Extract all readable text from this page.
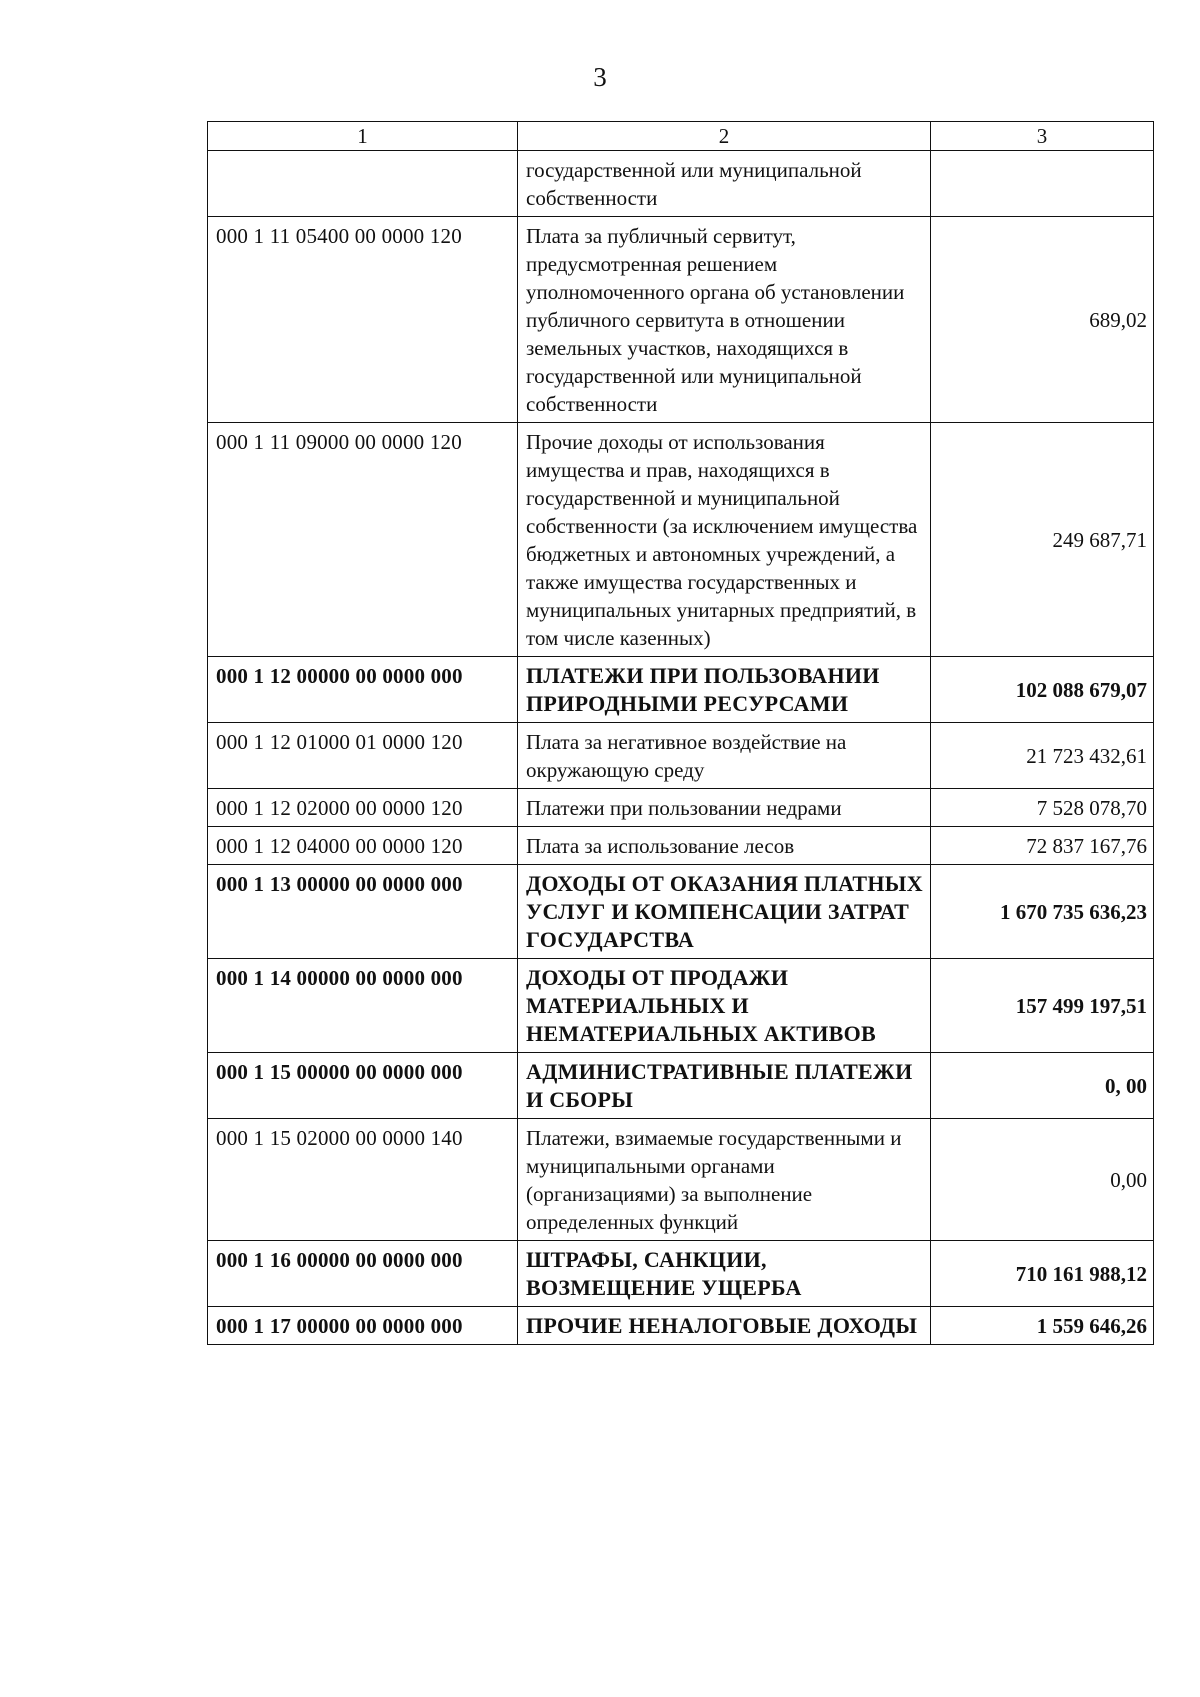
3
1	2	3
	государственной или муниципальной собственности	
000 1 11 05400 00 0000 120	Плата за публичный сервитут, предусмотренная решением уполномоченного органа об установлении публичного сервитута в отношении земельных участков, находящихся в государственной или муниципальной собственности	689,02
000 1 11 09000 00 0000 120	Прочие доходы от использования имущества и прав, находящихся в государственной и муниципальной собственности (за исключением имущества бюджетных и автономных учреждений, а также имущества государственных и муниципальных унитарных предприятий, в том числе казенных)	249 687,71
000 1 12 00000 00 0000 000	ПЛАТЕЖИ ПРИ ПОЛЬЗОВАНИИ ПРИРОДНЫМИ РЕСУРСАМИ	102 088 679,07
000 1 12 01000 01 0000 120	Плата за негативное воздействие на окружающую среду	21 723 432,61
000 1 12 02000 00 0000 120	Платежи при пользовании недрами	7 528 078,70
000 1 12 04000 00 0000 120	Плата за использование лесов	72 837 167,76
000 1 13 00000 00 0000 000	ДОХОДЫ ОТ ОКАЗАНИЯ ПЛАТНЫХ УСЛУГ И КОМПЕНСАЦИИ ЗАТРАТ ГОСУДАРСТВА	1 670 735 636,23
000 1 14 00000 00 0000 000	ДОХОДЫ ОТ ПРОДАЖИ МАТЕРИАЛЬНЫХ И НЕМАТЕРИАЛЬНЫХ АКТИВОВ	157 499 197,51
000 1 15 00000 00 0000 000	АДМИНИСТРАТИВНЫЕ ПЛАТЕЖИ И СБОРЫ	0, 00
000 1 15 02000 00 0000 140	Платежи, взимаемые государственными и муниципальными органами (организациями) за выполнение определенных функций	0,00
000 1 16 00000 00 0000 000	ШТРАФЫ, САНКЦИИ, ВОЗМЕЩЕНИЕ УЩЕРБА	710 161 988,12
000 1 17 00000 00 0000 000	ПРОЧИЕ НЕНАЛОГОВЫЕ ДОХОДЫ	1 559 646,26
